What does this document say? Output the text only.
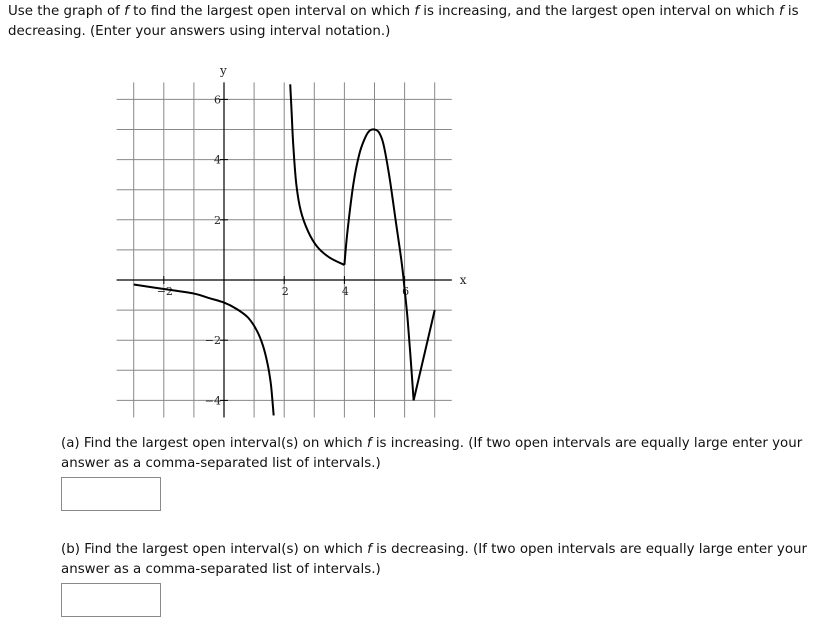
Use the graph of f to find the largest open interval on which f is increasing, and the largest open interval on which f is decreasing. (Enter your answers using interval notation.)
−2	2	4	6
6
4
2
−2
−4
x
y
(a) Find the largest open interval(s) on which f is increasing. (If two open intervals are equally large enter your answer as a comma-separated list of intervals.)
(b) Find the largest open interval(s) on which f is decreasing. (If two open intervals are equally large enter your answer as a comma-separated list of intervals.)
